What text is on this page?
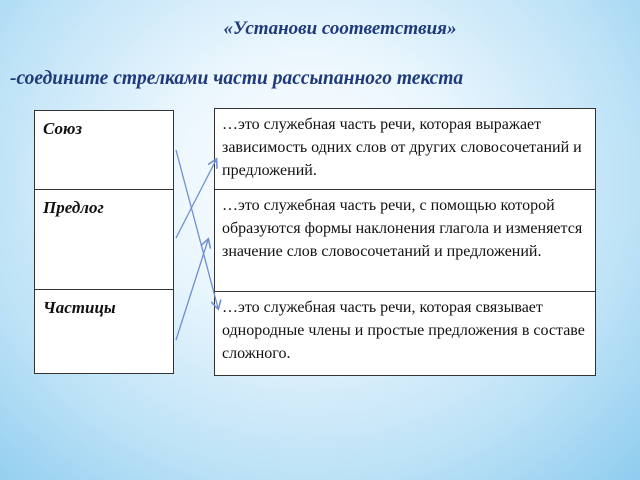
«Установи соответствия»
-соедините стрелками части рассыпанного текста
Союз
Предлог
Частицы
…это служебная часть речи, которая выражает зависимость одних слов от других словосочетаний и предложений.
…это служебная часть речи, с помощью которой образуются формы наклонения глагола и изменяется значение слов словосочетаний и предложений.
…это служебная часть речи, которая связывает однородные члены и простые предложения в составе сложного.
